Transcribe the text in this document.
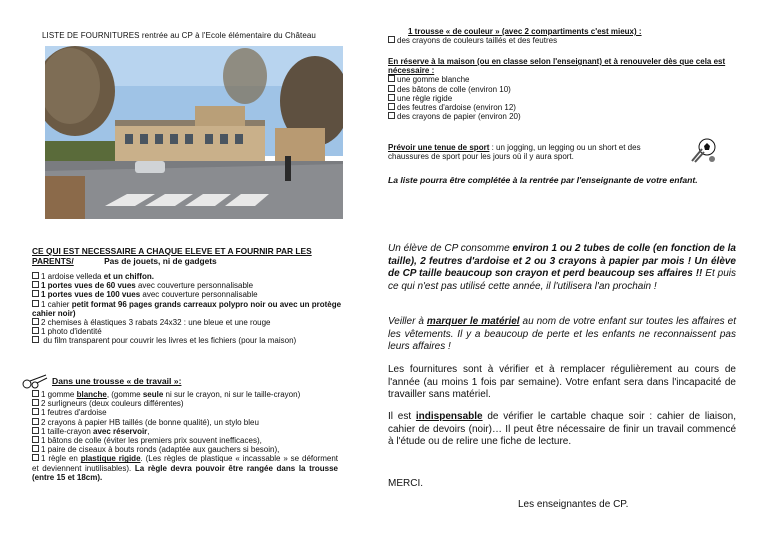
LISTE DE FOURNITURES rentrée au CP à l'Ecole élémentaire du Château
CE QUI EST NECESSAIRE A CHAQUE ELEVE ET A FOURNIR PAR LES PARENTS/	Pas de jouets, ni de gadgets
1 ardoise velleda et un chiffon.
1 portes vues de 60 vues avec couverture personnalisable
1 portes vues de 100 vues avec couverture personnalisable
1 cahier petit format 96 pages grands carreaux polypro noir ou avec un protège cahier noir)
2 chemises à élastiques 3 rabats 24x32 : une bleue et une rouge
1 photo d'identité
du film transparent pour couvrir les livres et les fichiers (pour la maison)
Dans une trousse « de travail »:
1 gomme blanche, (gomme seule ni sur le crayon, ni sur le taille-crayon)
2 surligneurs (deux couleurs différentes)
1 feutres d'ardoise
2 crayons à papier HB taillés (de bonne qualité), un stylo bleu
1 taille-crayon avec réservoir,
1 bâtons de colle (éviter les premiers prix souvent inefficaces),
1 paire de ciseaux à bouts ronds (adaptée aux gauchers si besoin),
1 règle en plastique rigide. (Les règles de plastique « incassable » se déforment et deviennent inutilisables). La règle devra pouvoir être rangée dans la trousse (entre 15 et 18cm).
1 trousse « de couleur » (avec 2 compartiments c'est mieux) :
des crayons de couleurs taillés et des feutres
En réserve à la maison (ou en classe selon l'enseignant) et à renouveler dès que cela est nécessaire :
une gomme blanche
des bâtons de colle (environ 10)
une règle rigide
des feutres d'ardoise (environ 12)
des crayons de papier (environ 20)
Prévoir une tenue de sport : un jogging, un legging ou un short et des chaussures de sport pour les jours où il y aura sport.
La liste pourra être complétée à la rentrée par l'enseignante de votre enfant.
Un élève de CP consomme environ 1 ou 2 tubes de colle (en fonction de la taille), 2 feutres d'ardoise et 2 ou 3 crayons à papier par mois ! Un élève de CP taille beaucoup son crayon et perd beaucoup ses affaires !! Et puis ce qui n'est pas utilisé cette année, il l'utilisera l'an prochain !
Veiller à marquer le matériel au nom de votre enfant sur toutes les affaires et les vêtements. Il y a beaucoup de perte et les enfants ne reconnaissent pas leurs affaires !
Les fournitures sont à vérifier et à remplacer régulièrement au cours de l'année (au moins 1 fois par semaine). Votre enfant sera dans l'incapacité de travailler sans matériel.
Il est indispensable de vérifier le cartable chaque soir : cahier de liaison, cahier de devoirs (noir)… Il peut être nécessaire de finir un travail commencé à l'étude ou de relire une fiche de lecture.
MERCI.
Les enseignantes de CP.
